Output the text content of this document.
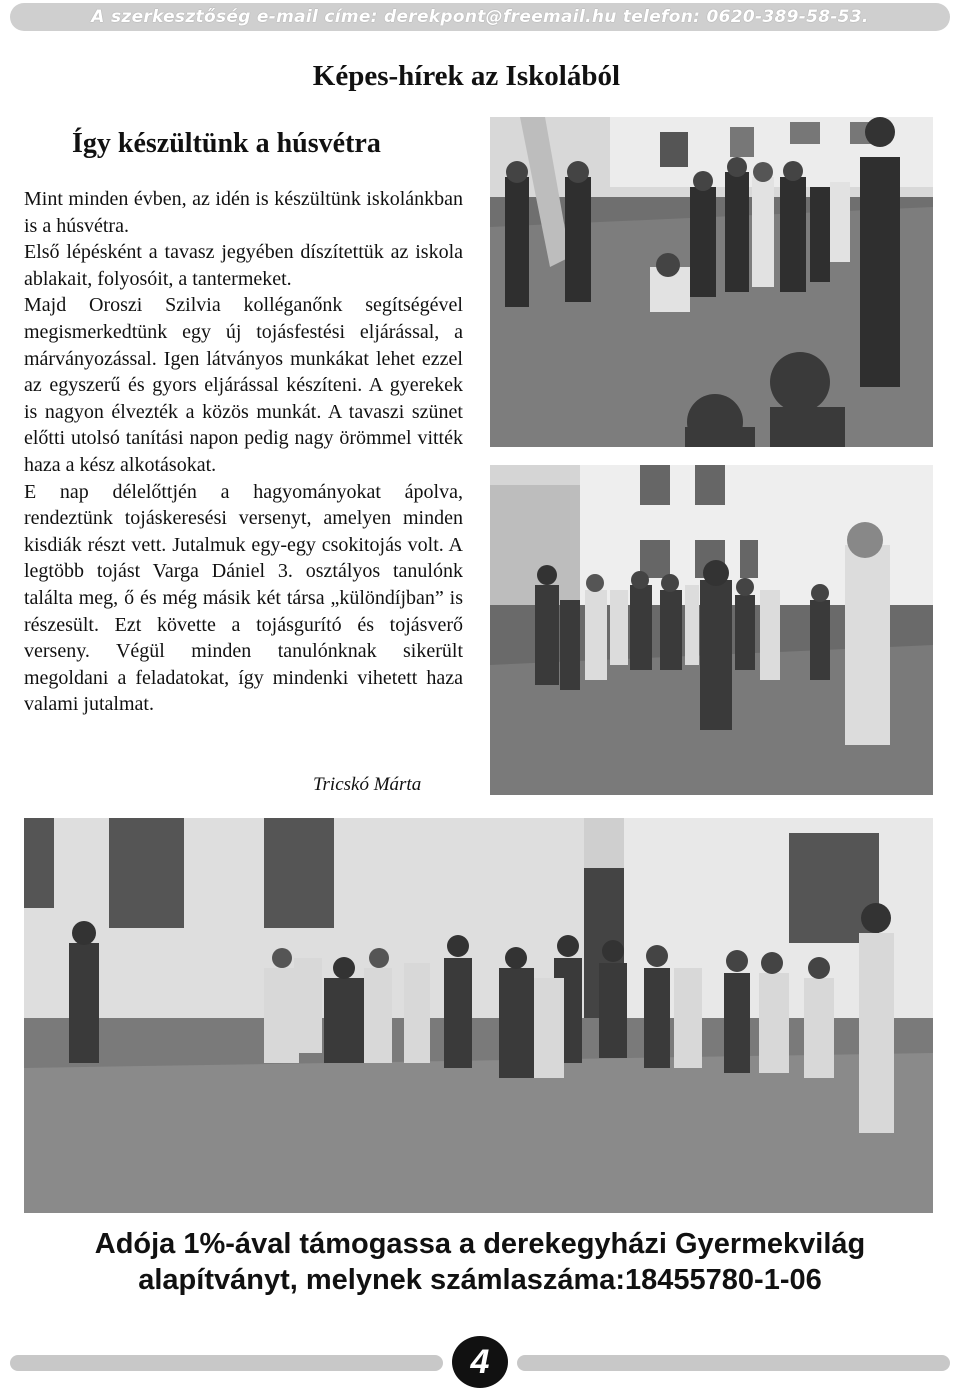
A szerkesztőség e-mail címe: derekpont@freemail.hu telefon: 0620-389-58-53.
Képes-hírek az Iskolából
Így készültünk a húsvétra

Mint minden évben, az idén is készültünk iskolánkban is a húsvétra.

Első lépésként a tavasz jegyében díszítettük az iskola ablakait, folyosóit, a tantermeket.

Majd Oroszi Szilvia kolléganőnk segítségével megismerkedtünk egy új tojásfestési eljárással, a márványozással. Igen látványos munkákat lehet ezzel az egyszerű és gyors eljárással készíteni. A gyerekek is nagyon élvezték a közös munkát. A tavaszi szünet előtti utolsó tanítási napon pedig nagy örömmel vitték haza a kész alkotásokat.

E nap délelőttjén a hagyományokat ápolva, rendeztünk tojáskeresési versenyt, amelyen minden kisdiák részt vett. Jutalmuk egy-egy csokitojás volt. A legtöbb tojást Varga Dániel 3. osztályos tanulónk találta meg, ő és még másik két társa „különdíjban” is részesült. Ezt követte a tojásgurító és tojásverő verseny. Végül minden tanulónknak sikerült megoldani a feladatokat, így mindenki vihetett haza valami jutalmat.

Tricskó Márta
Adója 1%-ával támogassa a derekegyházi Gyermekvilág
alapítványt, melynek számlaszáma:18455780-1-06
4
